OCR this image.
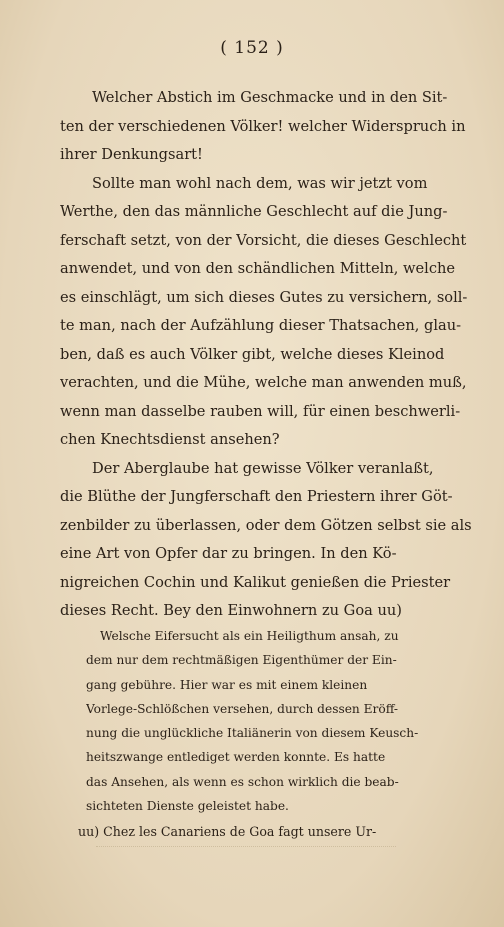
( 152 )
Welcher Abstich im Geschmacke und in den Sit-
ten der verschiedenen Völker! welcher Widerspruch in
ihrer Denkungsart!
Sollte man wohl nach dem, was wir jetzt vom
Werthe, den das männliche Geschlecht auf die Jung-
ferschaft setzt, von der Vorsicht, die dieses Geschlecht
anwendet, und von den schändlichen Mitteln, welche
es einschlägt, um sich dieses Gutes zu versichern, soll-
te man, nach der Aufzählung dieser Thatsachen, glau-
ben, daß es auch Völker gibt, welche dieses Kleinod
verachten, und die Mühe, welche man anwenden muß,
wenn man dasselbe rauben will, für einen beschwerli-
chen Knechtsdienst ansehen?
Der Aberglaube hat gewisse Völker veranlaßt,
die Blüthe der Jungferschaft den Priestern ihrer Göt-
zenbilder zu überlassen, oder dem Götzen selbst sie als
eine Art von Opfer dar zu bringen. In den Kö-
nigreichen Cochin und Kalikut genießen die Priester
dieses Recht. Bey den Einwohnern zu Goa uu)
Welsche Eifersucht als ein Heiligthum ansah, zu
dem nur dem rechtmäßigen Eigenthümer der Ein-
gang gebühre. Hier war es mit einem kleinen
Vorlege-Schlößchen versehen, durch dessen Eröff-
nung die unglückliche Italiänerin von diesem Keusch-
heitszwange entlediget werden konnte. Es hatte
das Ansehen, als wenn es schon wirklich die beab-
sichteten Dienste geleistet habe.
uu) Chez les Canariens de Goa fagt unsere Ur-
